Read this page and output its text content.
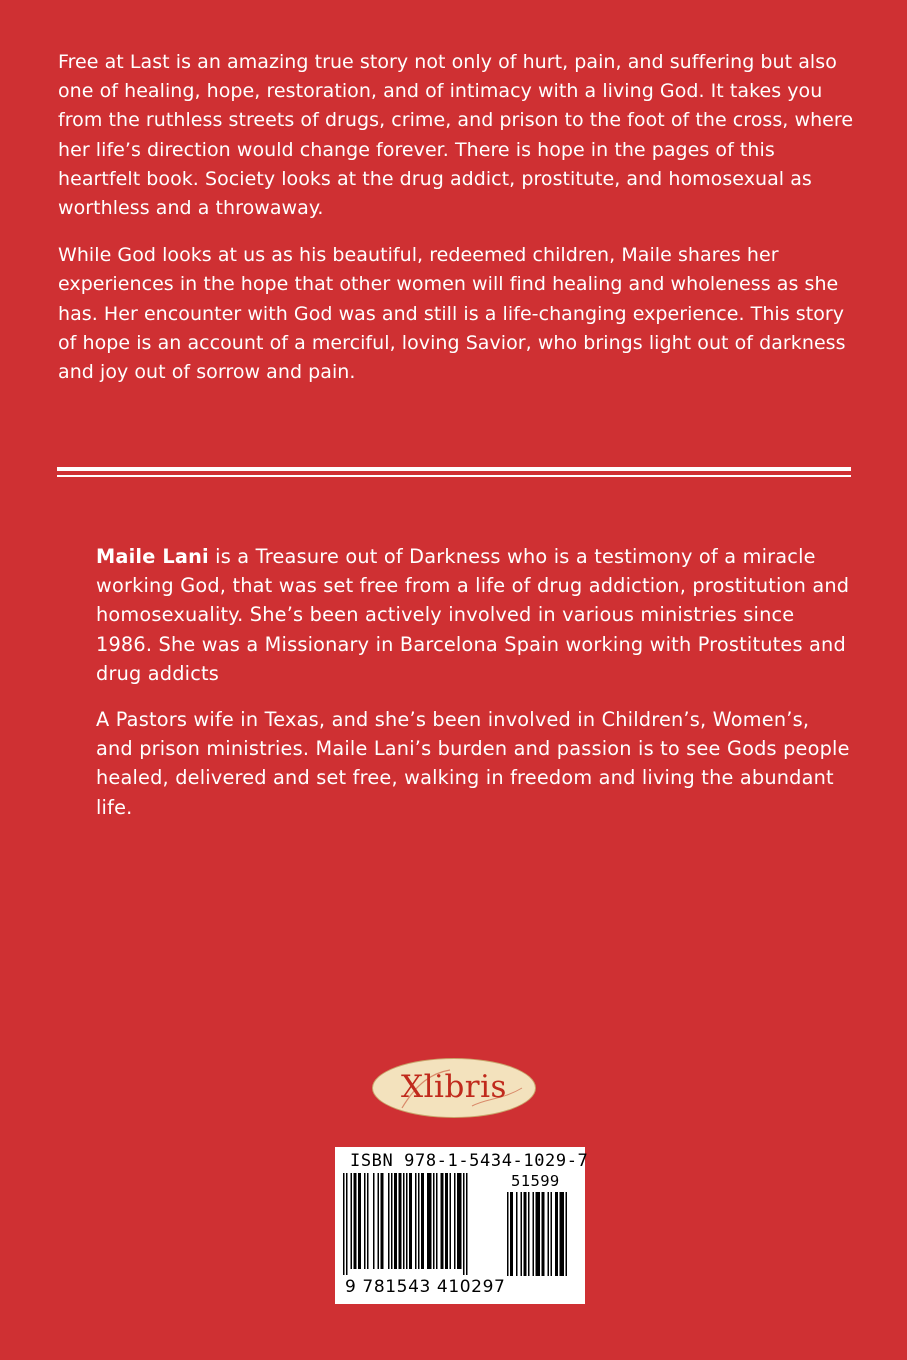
Free at Last is an amazing true story not only of hurt, pain, and suffering but also one of healing, hope, restoration, and of intimacy with a living God. It takes you from the ruthless streets of drugs, crime, and prison to the foot of the cross, where her life’s direction would change forever. There is hope in the pages of this heartfelt book. Society looks at the drug addict, prostitute, and homosexual as worthless and a throwaway.

While God looks at us as his beautiful, redeemed children, Maile shares her experiences in the hope that other women will find healing and wholeness as she has. Her encounter with God was and still is a life-changing experience. This story of hope is an account of a merciful, loving Savior, who brings light out of darkness and joy out of sorrow and pain.

Maile Lani is a Treasure out of Darkness who is a testimony of a miracle working God, that was set free from a life of drug addiction, prostitution and homosexuality. She’s been actively involved in various ministries since 1986. She was a Missionary in Barcelona Spain working with Prostitutes and drug addicts

A Pastors wife in Texas, and she’s been involved in Children’s, Women’s, and prison ministries. Maile Lani’s burden and passion is to see Gods people healed, delivered and set free, walking in freedom and living the abundant life.

Xlibris
ISBN 978-1-5434-1029-7
51599
9 781543 410297
